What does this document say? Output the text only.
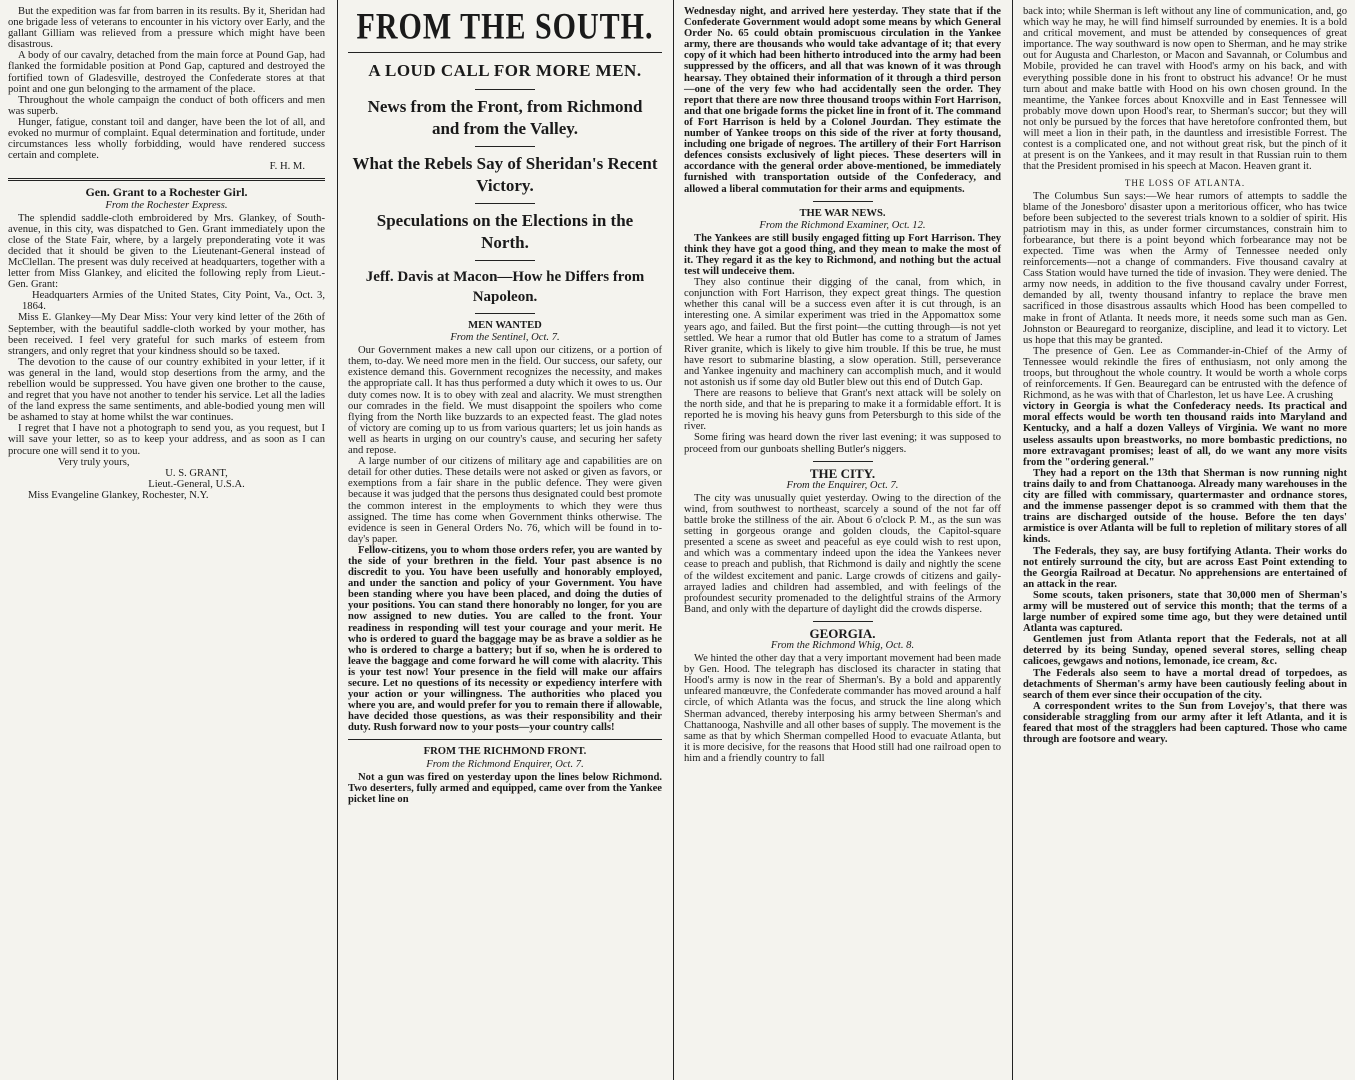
But the expedition was far from barren in its results. By it, Sheridan had one brigade less of veterans to encounter in his victory over Early, and the gallant Gilliam was relieved from a pressure which might have been disastrous.

A body of our cavalry, detached from the main force at Pound Gap, had flanked the formidable position at Pond Gap, captured and destroyed the fortified town of Gladesville, destroyed the Confederate stores at that point and one gun belonging to the armament of the place.

Throughout the whole campaign the conduct of both officers and men was superb.

Hunger, fatigue, constant toil and danger, have been the lot of all, and evoked no murmur of complaint. Equal determination and fortitude, under circumstances less wholly forbidding, would have rendered success certain and complete.

F. H. M.

Gen. Grant to a Rochester Girl.
From the Rochester Express.

The splendid saddle-cloth embroidered by Mrs. Glankey, of South-avenue, in this city, was dispatched to Gen. Grant immediately upon the close of the State Fair, where, by a largely preponderating vote it was decided that it should be given to the Lieutenant-General instead of McClellan. The present was duly received at headquarters, together with a letter from Miss Glankey, and elicited the following reply from Lieut.-Gen. Grant:

Headquarters Armies of the United States, City Point, Va., Oct. 3, 1864.

Miss E. Glankey—My Dear Miss: Your very kind letter of the 26th of September, with the beautiful saddle-cloth worked by your mother, has been received. I feel very grateful for such marks of esteem from strangers, and only regret that your kindness should so be taxed.

The devotion to the cause of our country exhibited in your letter, if it was general in the land, would stop desertions from the army, and the rebellion would be suppressed. You have given one brother to the cause, and regret that you have not another to tender his service. Let all the ladies of the land express the same sentiments, and able-bodied young men will be ashamed to stay at home whilst the war continues.

I regret that I have not a photograph to send you, as you request, but I will save your letter, so as to keep your address, and as soon as I can procure one will send it to you.

Very truly yours,

U. S. GRANT,

Lieut.-General, U.S.A.

Miss Evangeline Glankey, Rochester, N.Y.

FROM THE SOUTH.
A LOUD CALL FOR MORE MEN.
News from the Front, from Richmond and from the Valley.
What the Rebels Say of Sheridan's Recent Victory.
Speculations on the Elections in the North.
Jeff. Davis at Macon—How he Differs from Napoleon.
MEN WANTED
From the Sentinel, Oct. 7.

Our Government makes a new call upon our citizens, or a portion of them, to-day. We need more men in the field. Our success, our safety, our existence demand this. Government recognizes the necessity, and makes the appropriate call. It has thus performed a duty which it owes to us. Our duty comes now. It is to obey with zeal and alacrity. We must strengthen our comrades in the field. We must disappoint the spoilers who come flying from the North like buzzards to an expected feast. The glad notes of victory are coming up to us from various quarters; let us join hands as well as hearts in urging on our country's cause, and securing her safety and repose.

A large number of our citizens of military age and capabilities are on detail for other duties. These details were not asked or given as favors, or exemptions from a fair share in the public defence. They were given because it was judged that the persons thus designated could best promote the common interest in the employments to which they were thus assigned. The time has come when Government thinks otherwise. The evidence is seen in General Orders No. 76, which will be found in to-day's paper.

Fellow-citizens, you to whom those orders refer, you are wanted by the side of your brethren in the field. Your past absence is no discredit to you. You have been usefully and honorably employed, and under the sanction and policy of your Government. You have been standing where you have been placed, and doing the duties of your positions. You can stand there honorably no longer, for you are now assigned to new duties. You are called to the front. Your readiness in responding will test your courage and your merit. He who is ordered to guard the baggage may be as brave a soldier as he who is ordered to charge a battery; but if so, when he is ordered to leave the baggage and come forward he will come with alacrity. This is your test now! Your presence in the field will make our affairs secure. Let no questions of its necessity or expediency interfere with your action or your willingness. The authorities who placed you where you are, and would prefer for you to remain there if allowable, have decided those questions, as was their responsibility and their duty. Rush forward now to your posts—your country calls!

FROM THE RICHMOND FRONT.
From the Richmond Enquirer, Oct. 7.

Not a gun was fired on yesterday upon the lines below Richmond. Two deserters, fully armed and equipped, came over from the Yankee picket line on

Wednesday night, and arrived here yesterday. They state that if the Confederate Government would adopt some means by which General Order No. 65 could obtain promiscuous circulation in the Yankee army, there are thousands who would take advantage of it; that every copy of it which had been hitherto introduced into the army had been suppressed by the officers, and all that was known of it was through hearsay. They obtained their information of it through a third person—one of the very few who had accidentally seen the order. They report that there are now three thousand troops within Fort Harrison, and that one brigade forms the picket line in front of it. The command of Fort Harrison is held by a Colonel Jourdan. They estimate the number of Yankee troops on this side of the river at forty thousand, including one brigade of negroes. The artillery of their Fort Harrison defences consists exclusively of light pieces. These deserters will in accordance with the general order above-mentioned, be immediately furnished with transportation outside of the Confederacy, and allowed a liberal commutation for their arms and equipments.

THE WAR NEWS.
From the Richmond Examiner, Oct. 12.

The Yankees are still busily engaged fitting up Fort Harrison. They think they have got a good thing, and they mean to make the most of it. They regard it as the key to Richmond, and nothing but the actual test will undeceive them.

They also continue their digging of the canal, from which, in conjunction with Fort Harrison, they expect great things. The question whether this canal will be a success even after it is cut through, is an interesting one. A similar experiment was tried in the Appomattox some years ago, and failed. But the first point—the cutting through—is not yet settled. We hear a rumor that old Butler has come to a stratum of James River granite, which is likely to give him trouble. If this be true, he must have resort to submarine blasting, a slow operation. Still, perseverance and Yankee ingenuity and machinery can accomplish much, and it would not astonish us if some day old Butler blew out this end of Dutch Gap.

There are reasons to believe that Grant's next attack will be solely on the north side, and that he is preparing to make it a formidable effort. It is reported he is moving his heavy guns from Petersburgh to this side of the river.

Some firing was heard down the river last evening; it was supposed to proceed from our gunboats shelling Butler's niggers.

THE CITY.
From the Enquirer, Oct. 7.

The city was unusually quiet yesterday. Owing to the direction of the wind, from southwest to northeast, scarcely a sound of the not far off battle broke the stillness of the air. About 6 o'clock P. M., as the sun was setting in gorgeous orange and golden clouds, the Capitol-square presented a scene as sweet and peaceful as eye could wish to rest upon, and which was a commentary indeed upon the idea the Yankees never cease to preach and publish, that Richmond is daily and nightly the scene of the wildest excitement and panic. Large crowds of citizens and gaily-arrayed ladies and children had assembled, and with feelings of the profoundest security promenaded to the delightful strains of the Armory Band, and only with the departure of daylight did the crowds disperse.

GEORGIA.
From the Richmond Whig, Oct. 8.

We hinted the other day that a very important movement had been made by Gen. Hood. The telegraph has disclosed its character in stating that Hood's army is now in the rear of Sherman's. By a bold and apparently unfeared manœuvre, the Confederate commander has moved around a half circle, of which Atlanta was the focus, and struck the line along which Sherman advanced, thereby interposing his army between Sherman's and Chattanooga, Nashville and all other bases of supply. The movement is the same as that by which Sherman compelled Hood to evacuate Atlanta, but it is more decisive, for the reasons that Hood still had one railroad open to him and a friendly country to fall

back into; while Sherman is left without any line of communication, and, go which way he may, he will find himself surrounded by enemies. It is a bold and critical movement, and must be attended by consequences of great importance. The way southward is now open to Sherman, and he may strike out for Augusta and Charleston, or Macon and Savannah, or Columbus and Mobile, provided he can travel with Hood's army on his back, and with everything possible done in his front to obstruct his advance! Or he must turn about and make battle with Hood on his own chosen ground. In the meantime, the Yankee forces about Knoxville and in East Tennessee will probably move down upon Hood's rear, to Sherman's succor; but they will not only be pursued by the forces that have heretofore confronted them, but will meet a lion in their path, in the dauntless and irresistible Forrest. The contest is a complicated one, and not without great risk, but the pinch of it at present is on the Yankees, and it may result in that Russian ruin to them that the President promised in his speech at Macon. Heaven grant it.

THE LOSS OF ATLANTA.

The Columbus Sun says:—We hear rumors of attempts to saddle the blame of the Jonesboro' disaster upon a meritorious officer, who has twice before been subjected to the severest trials known to a soldier of spirit. His patriotism may in this, as under former circumstances, constrain him to forbearance, but there is a point beyond which forbearance may not be expected. Time was when the Army of Tennessee needed only reinforcements—not a change of commanders. Five thousand cavalry at Cass Station would have turned the tide of invasion. They were denied. The army now needs, in addition to the five thousand cavalry under Forrest, demanded by all, twenty thousand infantry to replace the brave men sacrificed in those disastrous assaults which Hood has been compelled to make in front of Atlanta. It needs more, it needs some such man as Gen. Johnston or Beauregard to reorganize, discipline, and lead it to victory. Let us hope that this may be granted.

The presence of Gen. Lee as Commander-in-Chief of the Army of Tennessee would rekindle the fires of enthusiasm, not only among the troops, but throughout the whole country. It would be worth a whole corps of reinforcements. If Gen. Beauregard can be entrusted with the defence of Richmond, as he was with that of Charleston, let us have Lee. A crushing

victory in Georgia is what the Confederacy needs. Its practical and moral effects would be worth ten thousand raids into Maryland and Kentucky, and a half a dozen Valleys of Virginia. We want no more useless assaults upon breastworks, no more bombastic predictions, no more extravagant promises; least of all, do we want any more visits from the "ordering general."

They had a report on the 13th that Sherman is now running night trains daily to and from Chattanooga. Already many warehouses in the city are filled with commissary, quartermaster and ordnance stores, and the immense passenger depot is so crammed with them that the trains are discharged outside of the house. Before the ten days' armistice is over Atlanta will be full to repletion of military stores of all kinds.

The Federals, they say, are busy fortifying Atlanta. Their works do not entirely surround the city, but are across East Point extending to the Georgia Railroad at Decatur. No apprehensions are entertained of an attack in the rear.

Some scouts, taken prisoners, state that 30,000 men of Sherman's army will be mustered out of service this month; that the terms of a large number of expired some time ago, but they were detained until Atlanta was captured.

Gentlemen just from Atlanta report that the Federals, not at all deterred by its being Sunday, opened several stores, selling cheap calicoes, gewgaws and notions, lemonade, ice cream, &c.

The Federals also seem to have a mortal dread of torpedoes, as detachments of Sherman's army have been cautiously feeling about in search of them ever since their occupation of the city.

A correspondent writes to the Sun from Lovejoy's, that there was considerable straggling from our army after it left Atlanta, and it is feared that most of the stragglers had been captured. Those who came through are footsore and weary.
